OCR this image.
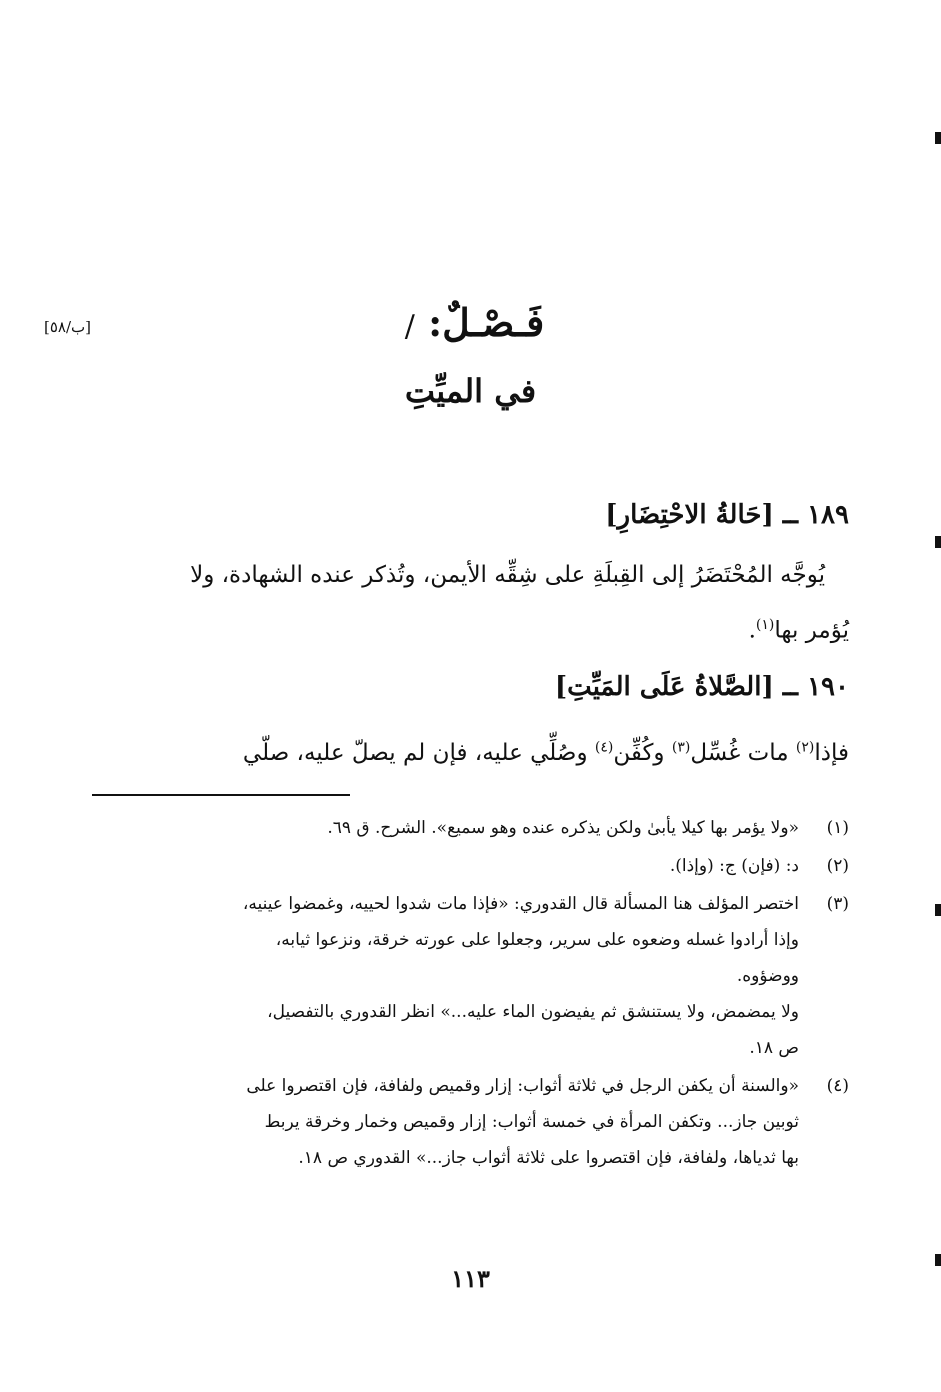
[ب/٥٨]	فَـصْـلٌ: /
في الميِّتِ
١٨٩ ــ [حَالةُ الاحْتِضَارِ]
يُوجَّه المُحْتَضَرُ إلى القِبلَةِ على شِقِّه الأيمن، وتُذكر عنده الشهادة، ولا
يُؤمر بها$^{(١)}$.
١٩٠ ــ [الصَّلاةُ عَلَى المَيِّتِ]
فإذا$^{(٢)}$ مات غُسِّل$^{(٣)}$ وكُفِّن$^{(٤)}$ وصُلِّي عليه، فإن لم يصلّ عليه، صلّي
(١)
«ولا يؤمر بها كيلا يأبىٰ ولكن يذكره عنده وهو سميع». الشرح. ق ٦٩.
(٢)
د: (فإن) ج: (وإذا).
(٣)
اختصر المؤلف هنا المسألة قال القدوري: «فإذا مات شدوا لحييه، وغمضوا عينيه،
وإذا أرادوا غسله وضعوه على سرير، وجعلوا على عورته خرقة، ونزعوا ثيابه،
ووضؤوه.
ولا يمضمض، ولا يستنشق ثم يفيضون الماء عليه...» انظر القدوري بالتفصيل،
ص ١٨.
(٤)
«والسنة أن يكفن الرجل في ثلاثة أثواب: إزار وقميص ولفافة، فإن اقتصروا على
ثوبين جاز... وتكفن المرأة في خمسة أثواب: إزار وقميص وخمار وخرقة يربط
بها ثدياها، ولفافة، فإن اقتصروا على ثلاثة أثواب جاز...» القدوري ص ١٨.
١١٣
